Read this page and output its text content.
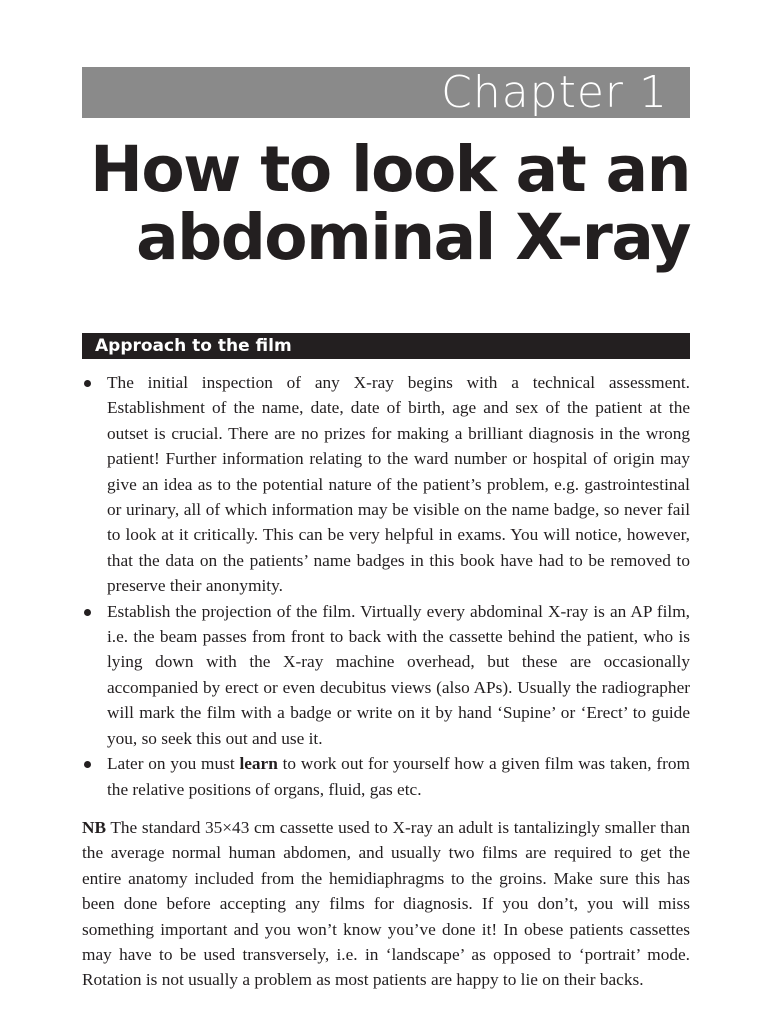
Chapter 1
How to look at an
abdominal X-ray
Approach to the film
The initial inspection of any X-ray begins with a technical assessment. Establishment of the name, date, date of birth, age and sex of the patient at the outset is crucial. There are no prizes for making a brilliant diagnosis in the wrong patient! Further information relating to the ward number or hospital of origin may give an idea as to the potential nature of the patient’s problem, e.g. gastrointestinal or urinary, all of which information may be visible on the name badge, so never fail to look at it critically. This can be very helpful in exams. You will notice, however, that the data on the patients’ name badges in this book have had to be removed to preserve their anonymity.
Establish the projection of the film. Virtually every abdominal X-ray is an AP film, i.e. the beam passes from front to back with the cassette behind the patient, who is lying down with the X-ray machine overhead, but these are occasionally accompanied by erect or even decubitus views (also APs). Usually the radiographer will mark the film with a badge or write on it by hand ‘Supine’ or ‘Erect’ to guide you, so seek this out and use it.
Later on you must learn to work out for yourself how a given film was taken, from the relative positions of organs, fluid, gas etc.

NB The standard 35×43 cm cassette used to X-ray an adult is tantalizingly smaller than the average normal human abdomen, and usually two films are required to get the entire anatomy included from the hemidiaphragms to the groins. Make sure this has been done before accepting any films for diagnosis. If you don’t, you will miss something important and you won’t know you’ve done it! In obese patients cassettes may have to be used transversely, i.e. in ‘landscape’ as opposed to ‘portrait’ mode. Rotation is not usually a problem as most patients are happy to lie on their backs.
